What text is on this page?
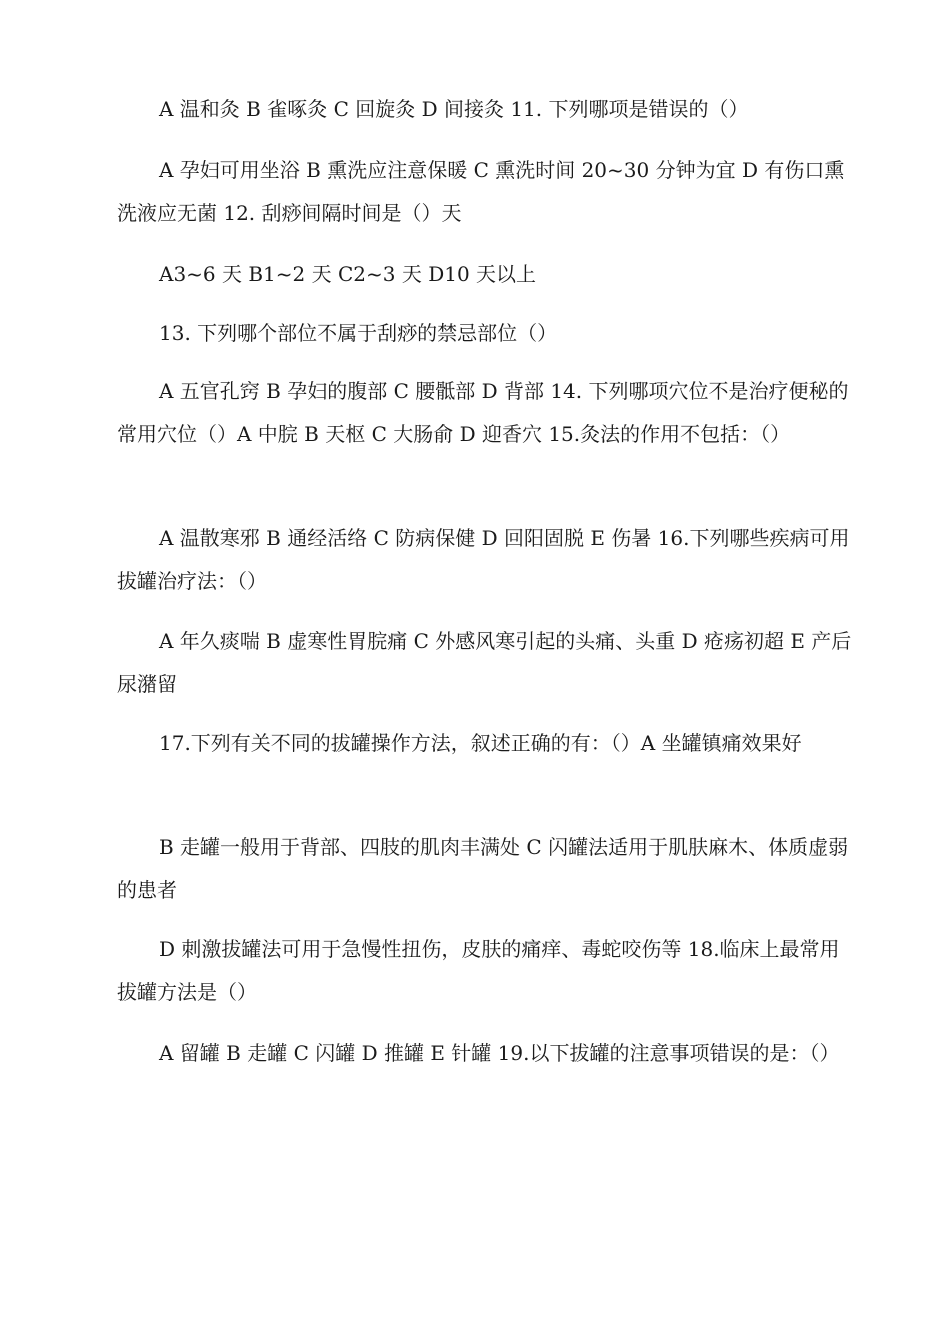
A 温和灸 B 雀啄灸 C 回旋灸 D 间接灸 11. 下列哪项是错误的（）

A 孕妇可用坐浴 B 熏洗应注意保暖 C 熏洗时间 20~30 分钟为宜 D 有伤口熏洗液应无菌 12. 刮痧间隔时间是（）天

A3~6 天 B1~2 天 C2~3 天 D10 天以上

13. 下列哪个部位不属于刮痧的禁忌部位（）

A 五官孔窍 B 孕妇的腹部 C 腰骶部 D 背部 14. 下列哪项穴位不是治疗便秘的常用穴位（）A 中脘 B 天枢 C 大肠俞 D 迎香穴 15.灸法的作用不包括：（）

A 温散寒邪 B 通经活络 C 防病保健 D 回阳固脱 E 伤暑 16.下列哪些疾病可用拔罐治疗法：（）

A 年久痰喘 B 虚寒性胃脘痛 C 外感风寒引起的头痛、头重 D 疮疡初超 E 产后尿潴留

17.下列有关不同的拔罐操作方法，叙述正确的有：（）A 坐罐镇痛效果好

B 走罐一般用于背部、四肢的肌肉丰满处 C 闪罐法适用于肌肤麻木、体质虚弱的患者

D 刺激拔罐法可用于急慢性扭伤，皮肤的痛痒、毒蛇咬伤等 18.临床上最常用拔罐方法是（）

A 留罐 B 走罐 C 闪罐 D 推罐 E 针罐 19.以下拔罐的注意事项错误的是：（）
